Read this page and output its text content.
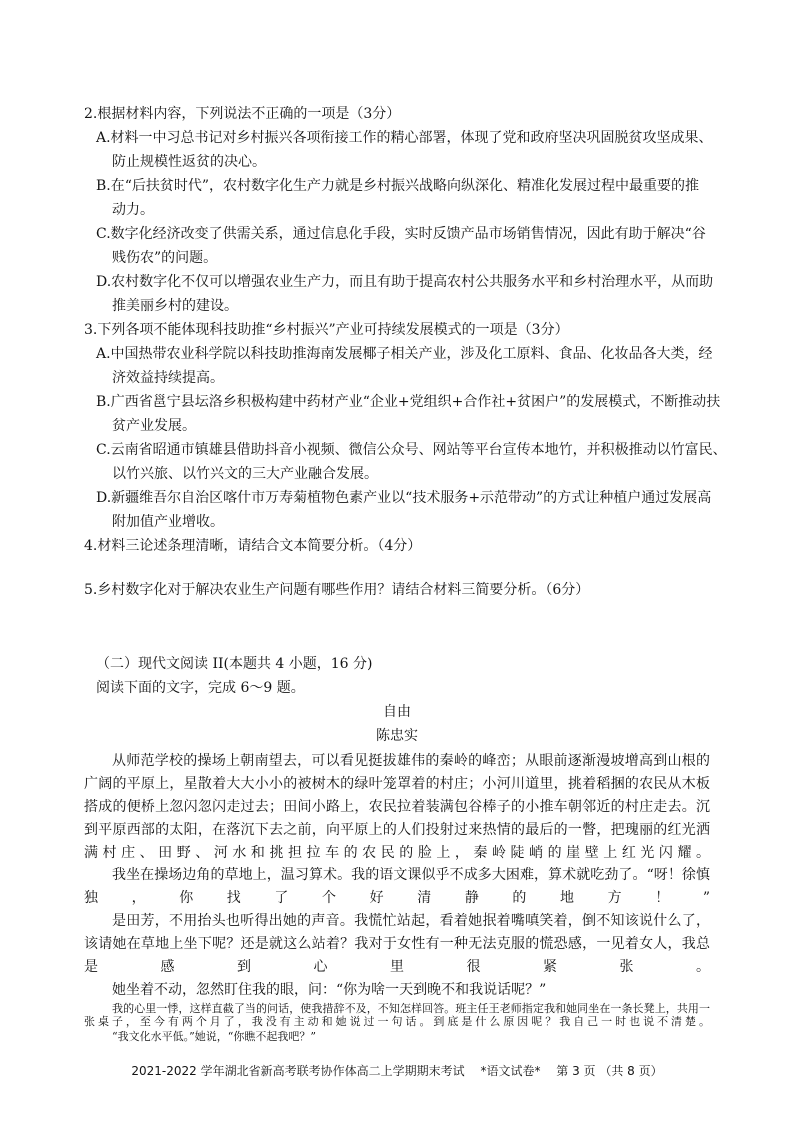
2.根据材料内容，下列说法不正确的一项是（3分）
A.材料一中习总书记对乡村振兴各项衔接工作的精心部署，体现了党和政府坚决巩固脱贫攻坚成果、
防止规模性返贫的决心。
B.在“后扶贫时代”，农村数字化生产力就是乡村振兴战略向纵深化、精准化发展过程中最重要的推
动力。
C.数字化经济改变了供需关系，通过信息化手段，实时反馈产品市场销售情况，因此有助于解决“谷
贱伤农”的问题。
D.农村数字化不仅可以增强农业生产力，而且有助于提高农村公共服务水平和乡村治理水平，从而助
推美丽乡村的建设。
3.下列各项不能体现科技助推“乡村振兴”产业可持续发展模式的一项是（3分）
A.中国热带农业科学院以科技助推海南发展椰子相关产业，涉及化工原料、食品、化妆品各大类，经
济效益持续提高。
B.广西省邕宁县坛洛乡积极构建中药材产业“企业+党组织+合作社+贫困户”的发展模式，不断推动扶
贫产业发展。
C.云南省昭通市镇雄县借助抖音小视频、微信公众号、网站等平台宣传本地竹，并积极推动以竹富民、
以竹兴旅、以竹兴文的三大产业融合发展。
D.新疆维吾尔自治区喀什市万寿菊植物色素产业以“技术服务+示范带动”的方式让种植户通过发展高
附加值产业增收。
4.材料三论述条理清晰，请结合文本简要分析。（4分）
5.乡村数字化对于解决农业生产问题有哪些作用？请结合材料三简要分析。（6分）
（二）现代文阅读 II(本题共 4 小题，16 分)
阅读下面的文字，完成 6～9 题。
自由
陈忠实
从师范学校的操场上朝南望去，可以看见挺拔雄伟的秦岭的峰峦；从眼前逐渐漫坡增高到山根的广阔的平原上，星散着大大小小的被树木的绿叶笼罩着的村庄；小河川道里，挑着稻捆的农民从木板搭成的便桥上忽闪忽闪走过去；田间小路上，农民拉着装满包谷棒子的小推车朝邻近的村庄走去。沉到平原西部的太阳，在落沉下去之前，向平原上的人们投射过来热情的最后的一瞥，把瑰丽的红光洒满村庄、田野、河水和挑担拉车的农民的脸上，秦岭陡峭的崖壁上红光闪耀。
我坐在操场边角的草地上，温习算术。我的语文课似乎不成多大困难，算术就吃劲了。“呀！徐慎独，你找了个好清静的地方！”
是田芳，不用抬头也听得出她的声音。我慌忙站起，看着她抿着嘴嗔笑着，倒不知该说什么了，该请她在草地上坐下呢？还是就这么站着？我对于女性有一种无法克服的慌恐感，一见着女人，我总是感到心里很紧张。
她坐着不动，忽然盯住我的眼，问：“你为啥一天到晚不和我说话呢？”
我的心里一悸，这样直截了当的问话，使我措辞不及，不知怎样回答。班主任王老师指定我和她同坐在一条长凳上，共用一张桌子，至今有两个月了，我没有主动和她说过一句话。到底是什么原因呢？我自己一时也说不清楚。
“我文化水平低。”她说，“你瞧不起我吧？”
2021-2022 学年湖北省新高考联考协作体高二上学期期末考试 *语文试卷* 第 3 页 （共 8 页）
